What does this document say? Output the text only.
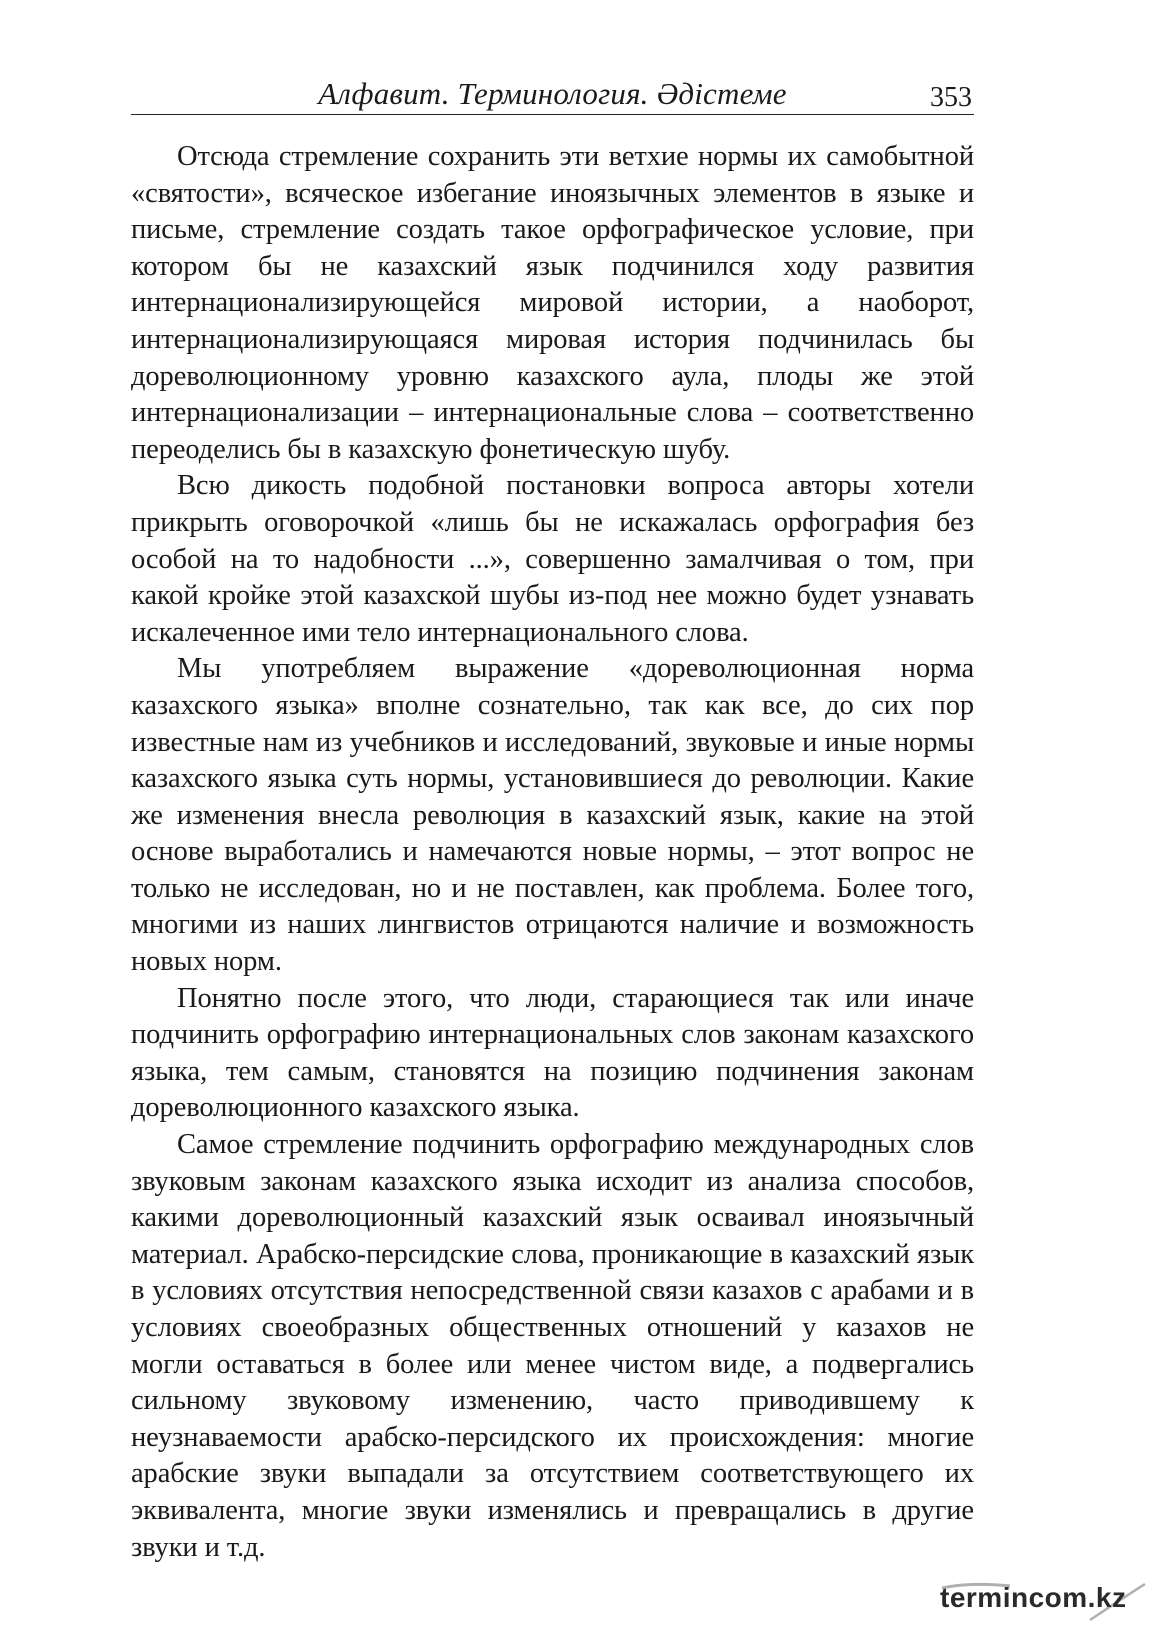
Алфавит. Терминология. Әдістеме	353

Отсюда стремление сохранить эти ветхие нормы их самобытной «святости», всяческое избегание иноязычных элементов в языке и письме, стремление создать такое орфографическое условие, при котором бы не казахский язык подчинился ходу развития интернационализирующейся мировой истории, а наоборот, интернационализирующаяся мировая история подчинилась бы дореволюционному уровню казахского аула, плоды же этой интернационализации – интернациональные слова – соответственно переоделись бы в казахскую фонетическую шубу.

Всю дикость подобной постановки вопроса авторы хотели прикрыть оговорочкой «лишь бы не искажалась орфография без особой на то надобности ...», совершенно замалчивая о том, при какой кройке этой казахской шубы из-под нее можно будет узнавать искалеченное ими тело интернационального слова.

Мы употребляем выражение «дореволюционная норма казахского языка» вполне сознательно, так как все, до сих пор известные нам из учебников и исследований, звуковые и иные нормы казахского языка суть нормы, установившиеся до революции. Какие же изменения внесла революция в казахский язык, какие на этой основе выработались и намечаются новые нормы, – этот вопрос не только не исследован, но и не поставлен, как проблема. Более того, многими из наших лингвистов отрицаются наличие и возможность новых норм.

Понятно после этого, что люди, старающиеся так или иначе подчинить орфографию интернациональных слов законам казахского языка, тем самым, становятся на позицию подчинения законам дореволюционного казахского языка.

Самое стремление подчинить орфографию международных слов звуковым законам казахского языка исходит из анализа способов, какими дореволюционный казахский язык осваивал иноязычный материал. Арабско-персидские слова, проникающие в казахский язык в условиях отсутствия непосредственной связи казахов с арабами и в условиях своеобразных общественных отношений у казахов не могли оставаться в более или менее чистом виде, а подвергались сильному звуковому изменению, часто приводившему к неузнаваемости арабско-персидского их происхождения: многие арабские звуки выпадали за отсутствием соответствующего их эквивалента, многие звуки изменялись и превращались в другие звуки и т.д.

termincom.kz
